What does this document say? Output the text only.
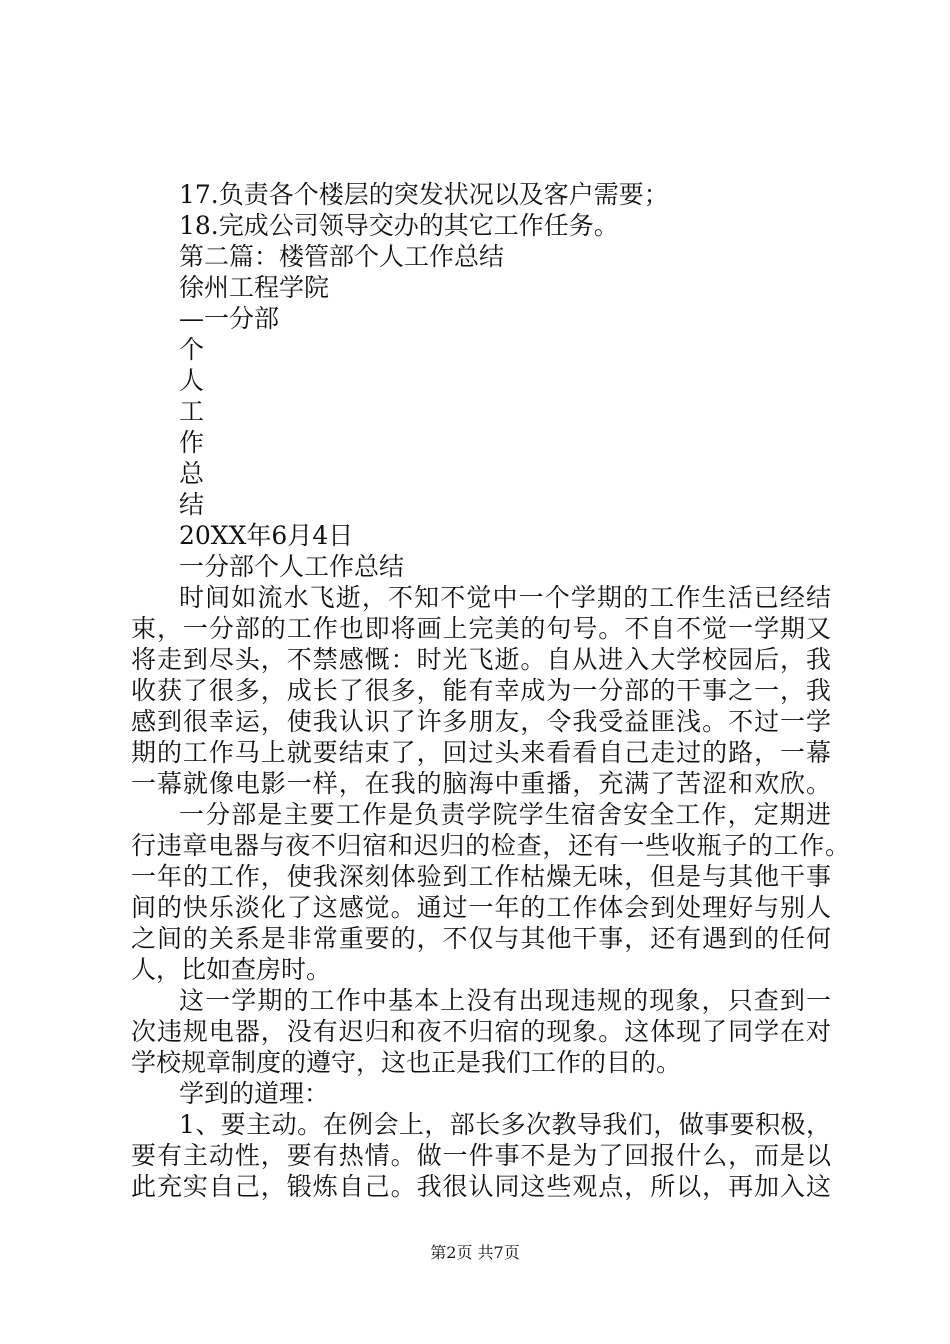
17.负责各个楼层的突发状况以及客户需要；
18.完成公司领导交办的其它工作任务。
第二篇：楼管部个人工作总结
徐州工程学院
—一分部
个
人
工
作
总
结
20XX年6月4日
一分部个人工作总结
时间如流水飞逝，不知不觉中一个学期的工作生活已经结
束，一分部的工作也即将画上完美的句号。不自不觉一学期又
将走到尽头，不禁感慨：时光飞逝。自从进入大学校园后，我
收获了很多，成长了很多，能有幸成为一分部的干事之一，我
感到很幸运，使我认识了许多朋友，令我受益匪浅。不过一学
期的工作马上就要结束了，回过头来看看自己走过的路，一幕
一幕就像电影一样，在我的脑海中重播，充满了苦涩和欢欣。
一分部是主要工作是负责学院学生宿舍安全工作，定期进
行违章电器与夜不归宿和迟归的检查，还有一些收瓶子的工作。
一年的工作，使我深刻体验到工作枯燥无味，但是与其他干事
间的快乐淡化了这感觉。通过一年的工作体会到处理好与别人
之间的关系是非常重要的，不仅与其他干事，还有遇到的任何
人，比如查房时。
这一学期的工作中基本上没有出现违规的现象，只查到一
次违规电器，没有迟归和夜不归宿的现象。这体现了同学在对
学校规章制度的遵守，这也正是我们工作的目的。
学到的道理：
1、要主动。在例会上，部长多次教导我们，做事要积极，
要有主动性，要有热情。做一件事不是为了回报什么，而是以
此充实自己，锻炼自己。我很认同这些观点，所以，再加入这
第2页 共7页
